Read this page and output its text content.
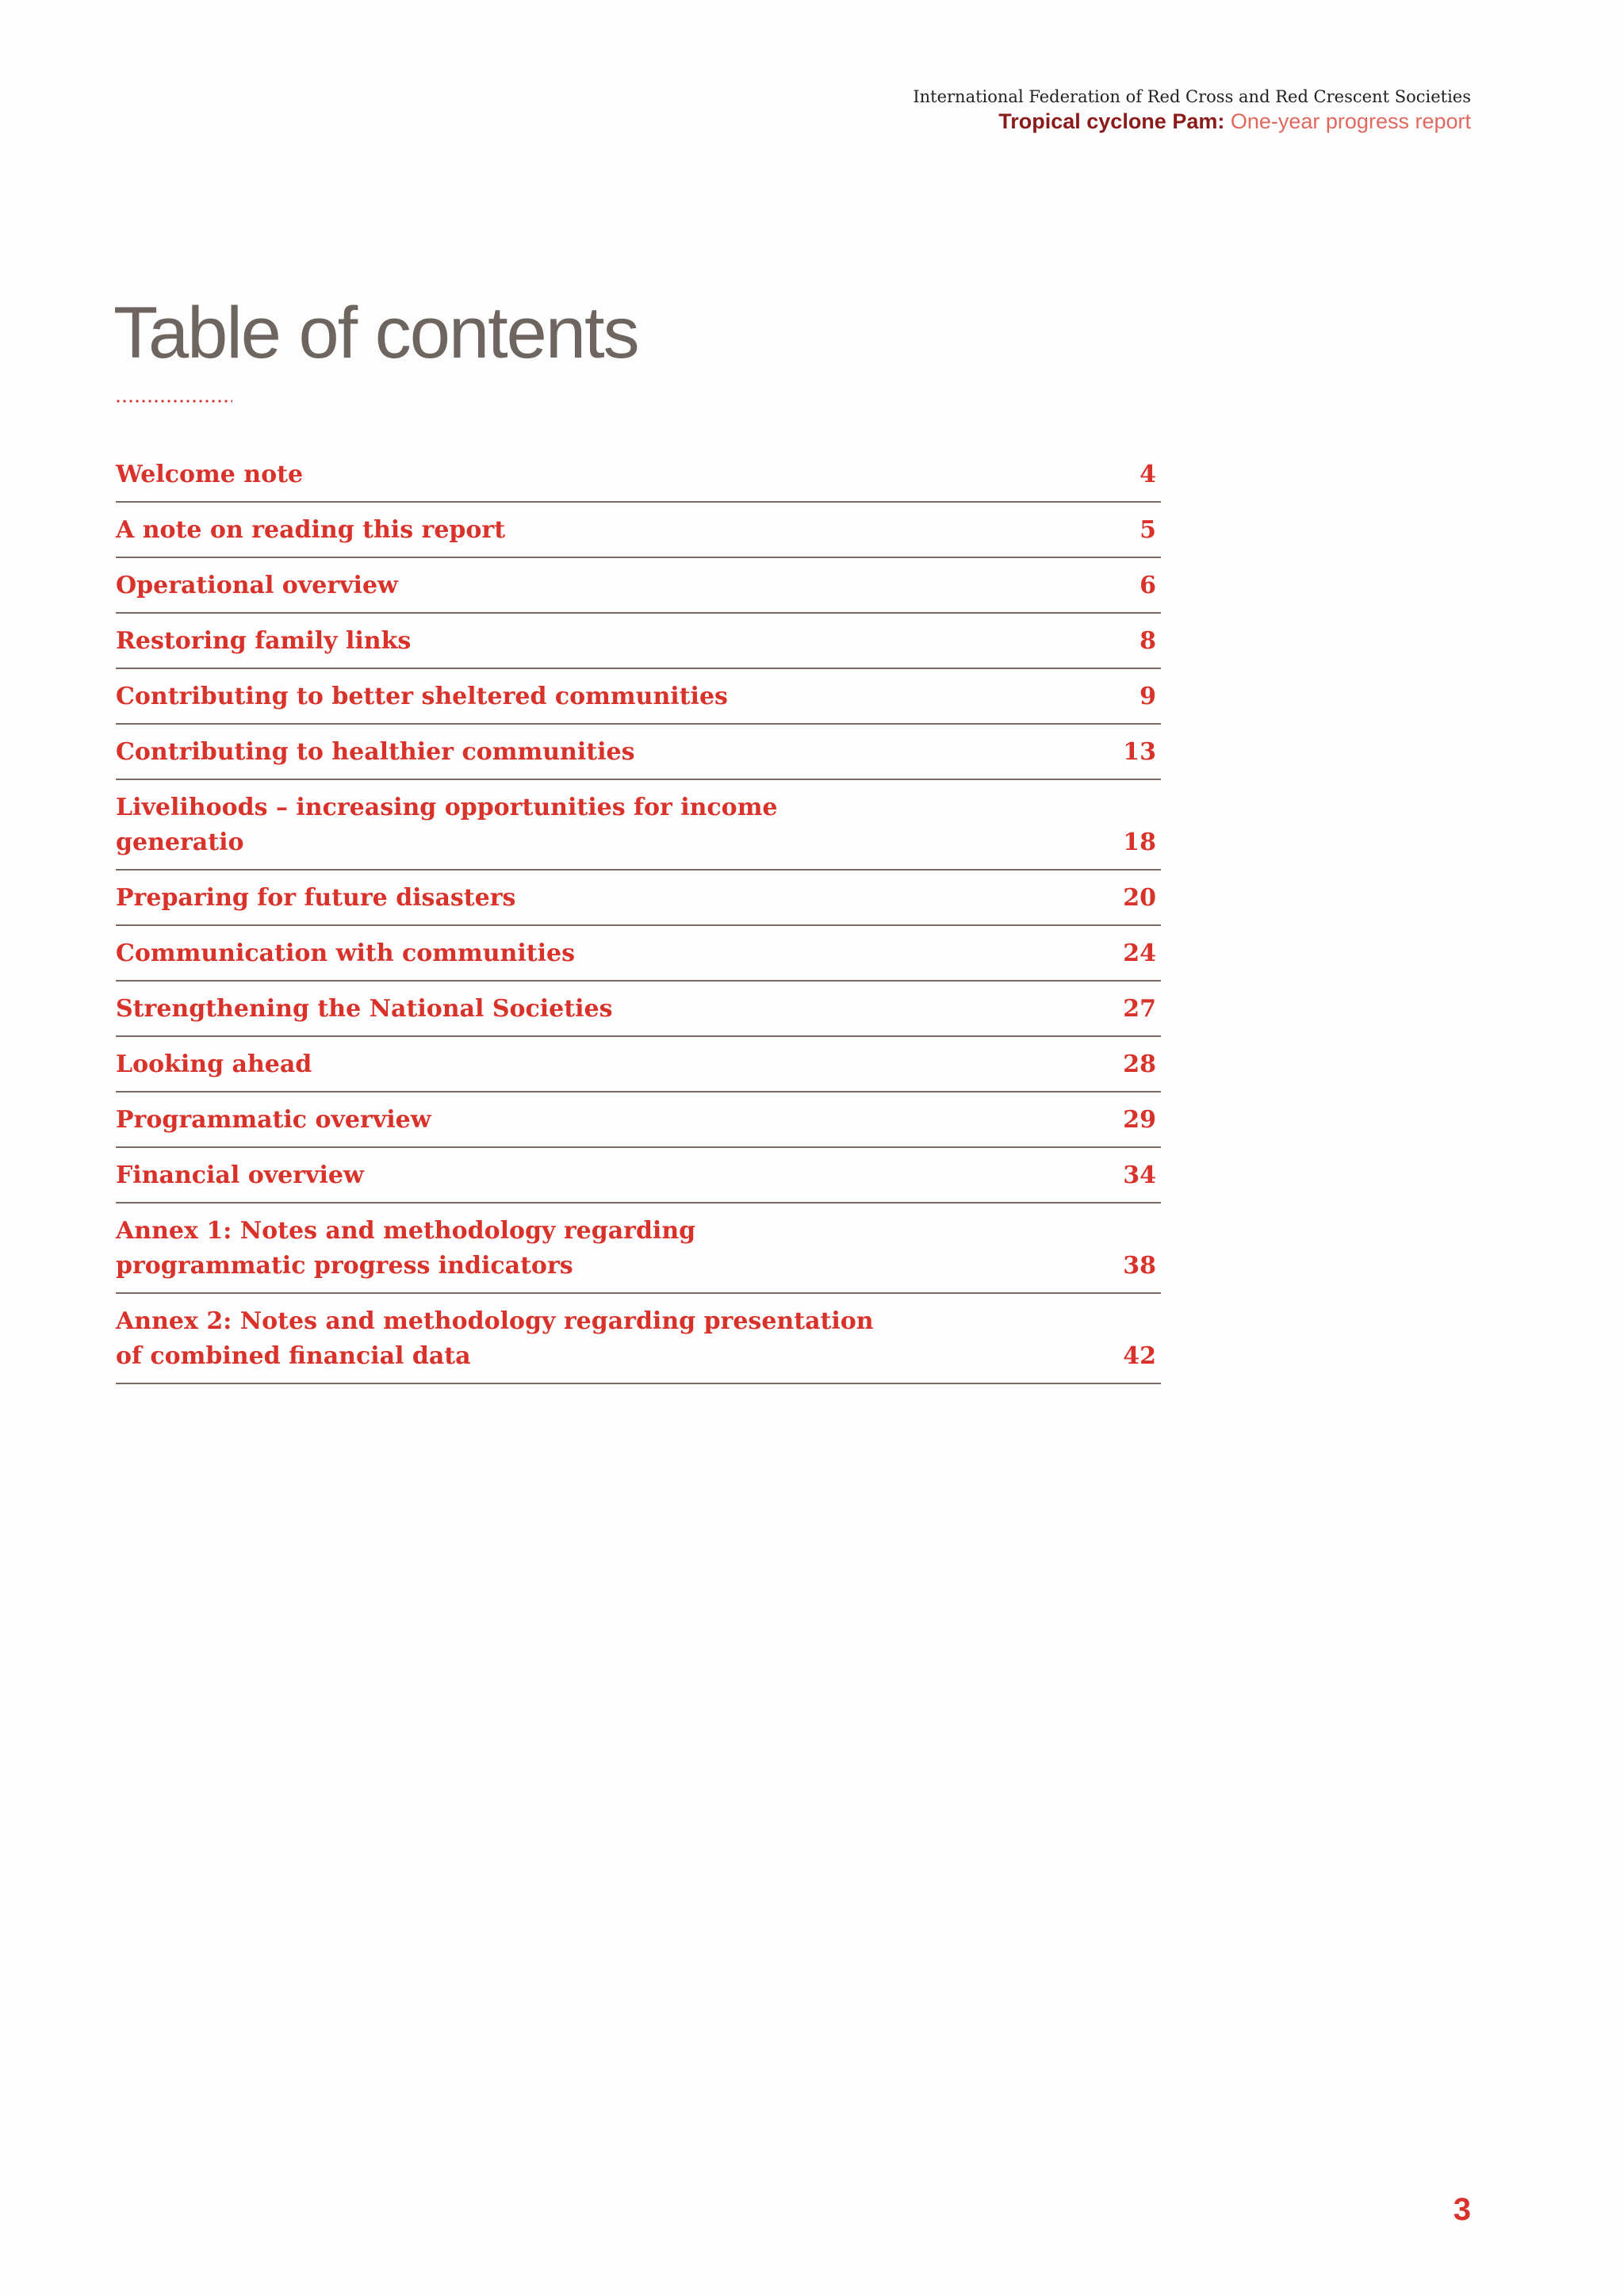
International Federation of Red Cross and Red Crescent Societies
Tropical cyclone Pam: One-year progress report
Table of contents
Welcome note	4
A note on reading this report	5
Operational overview	6
Restoring family links	8
Contributing to better sheltered communities	9
Contributing to healthier communities	13
Livelihoods – increasing opportunities for income generatio	18
Preparing for future disasters	20
Communication with communities	24
Strengthening the National Societies	27
Looking ahead	28
Programmatic overview	29
Financial overview	34
Annex 1: Notes and methodology regarding programmatic progress indicators	38
Annex 2: Notes and methodology regarding presentation of combined financial data	42
3
